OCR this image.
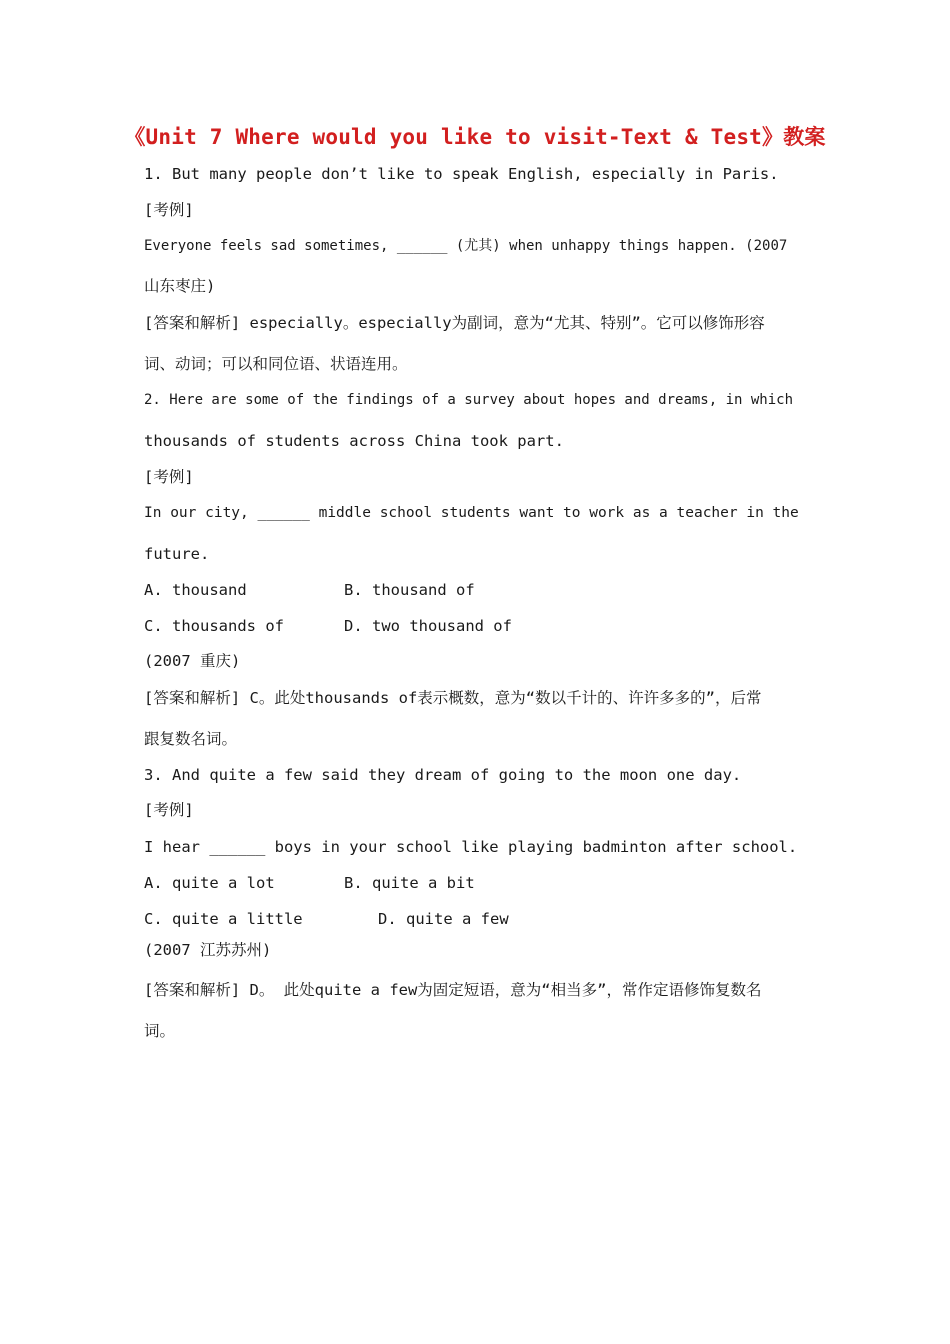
《Unit 7 Where would you like to visit-Text & Test》教案
1. But many people don’t like to speak English, especially in Paris.
[考例]
Everyone feels sad sometimes, ______ (尤其) when unhappy things happen. (2007
山东枣庄)
[答案和解析] especially。especially为副词，意为“尤其、特别”。它可以修饰形容
词、动词；可以和同位语、状语连用。
2. Here are some of the findings of a survey about hopes and dreams, in which
thousands of students across China took part.
[考例]
In our city, ______ middle school students want to work as a teacher in the
future.
A. thousand	B. thousand of
C. thousands of	D. two thousand of
(2007 重庆)
[答案和解析] C。此处thousands of表示概数，意为“数以千计的、许许多多的”，后常
跟复数名词。
3. And quite a few said they dream of going to the moon one day.
[考例]
I hear ______ boys in your school like playing badminton after school.
A. quite a lot	B. quite a bit
C. quite a little	D. quite a few
(2007 江苏苏州)
[答案和解析] D。 此处quite a few为固定短语，意为“相当多”，常作定语修饰复数名
词。
